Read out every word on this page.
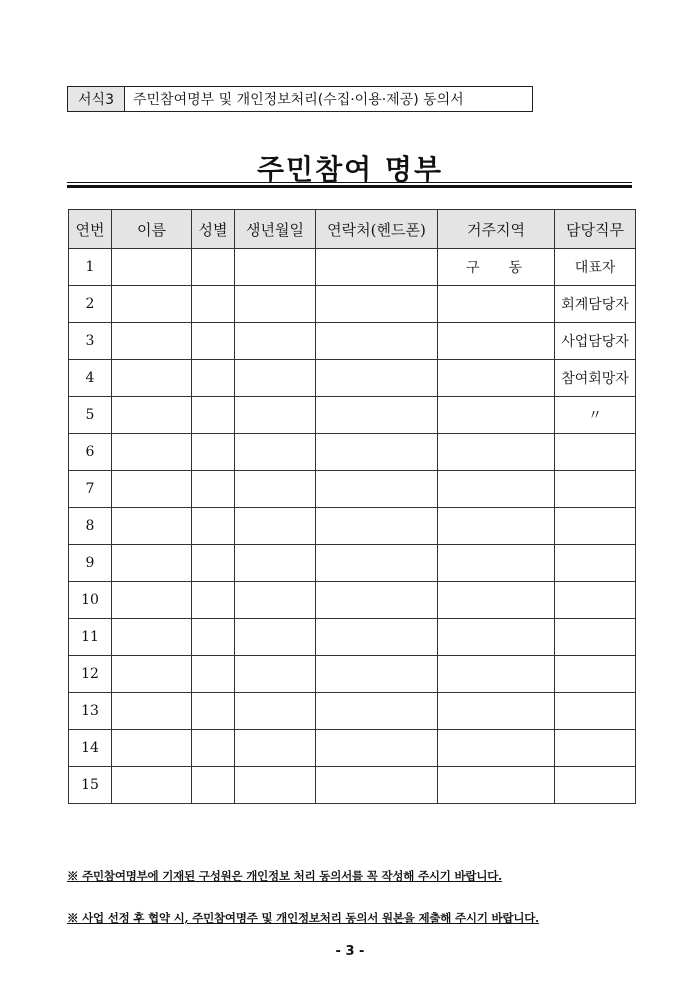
서식3	주민참여명부 및 개인정보처리(수집·이용·제공) 동의서
주민참여 명부
연번	이름	성별	생년월일	연락처(헨드폰)	거주지역	담당직무
1					구 동	대표자
2						회계담당자
3						사업담당자
4						참여회망자
5						〃
6					

7					

8					

9					

10					

11					

12					

13					

14					

15					

※ 주민참여명부에 기재된 구성원은 개인정보 처리 동의서를 꼭 작성해 주시기 바랍니다.
※ 사업 선정 후 협약 시, 주민참여명주 및 개인정보처리 동의서 원본을 제출해 주시기 바랍니다.
- 3 -
